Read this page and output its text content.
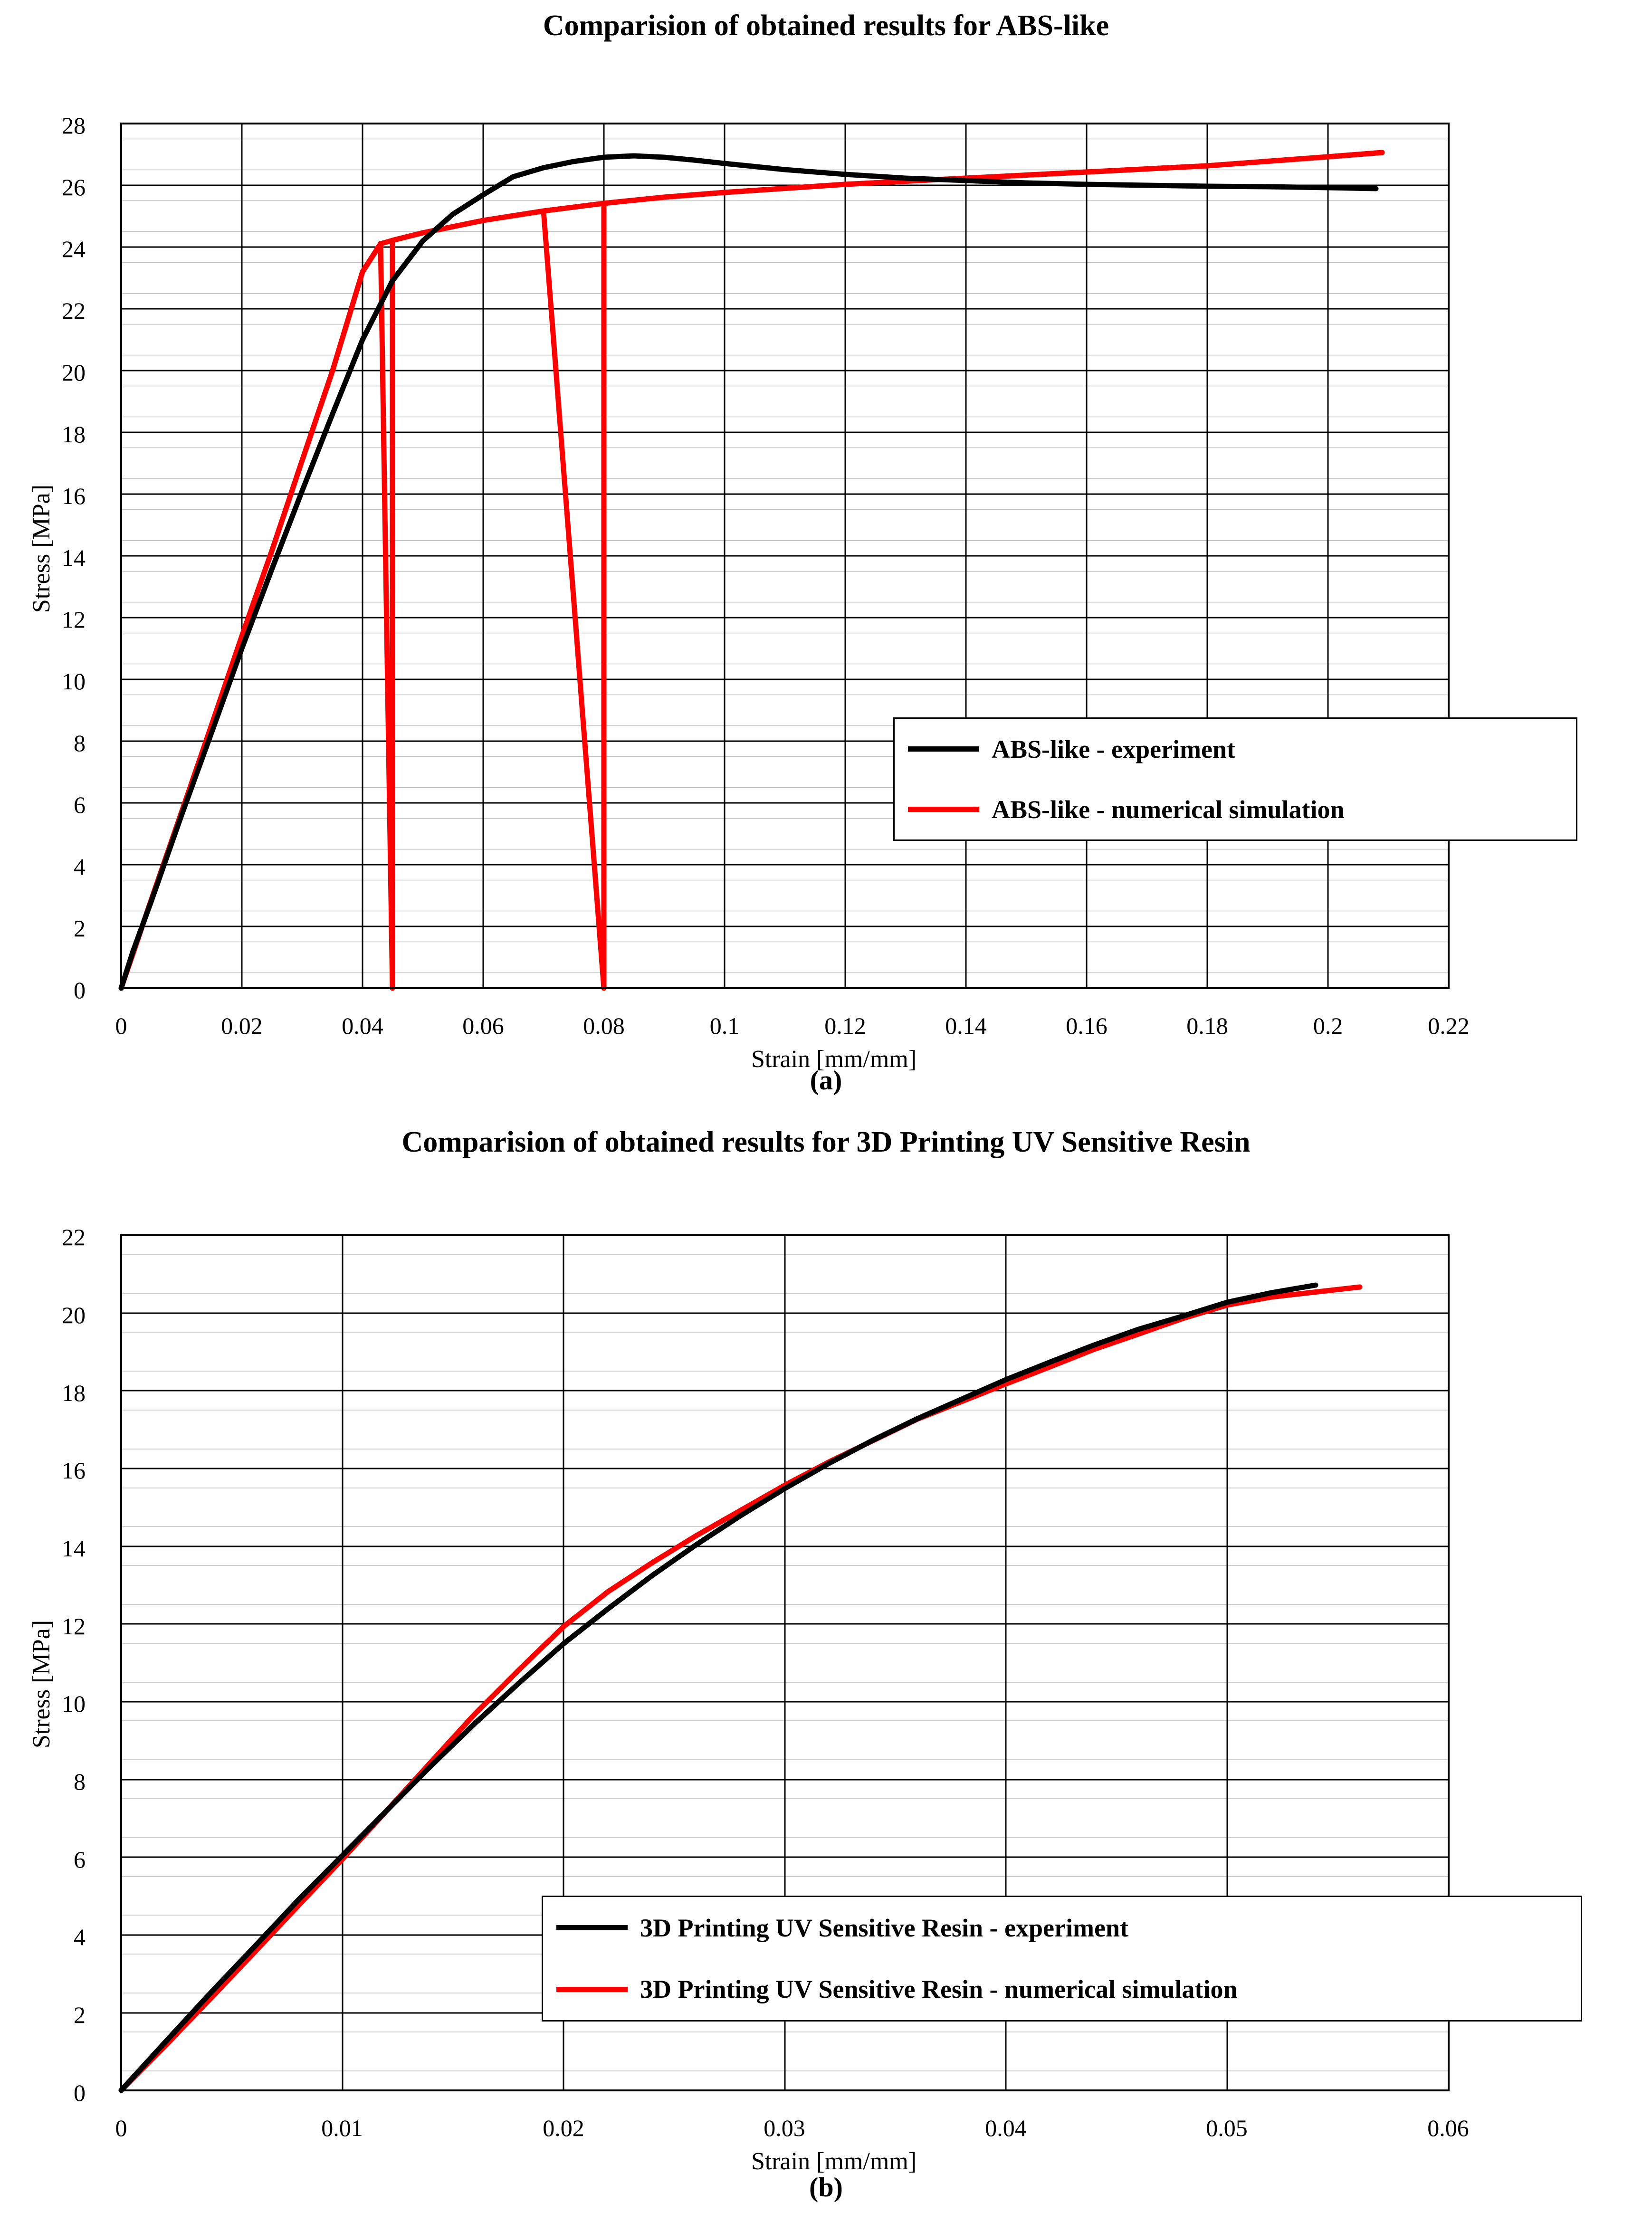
Comparision of obtained results for ABS-like
Stress [MPa]
28
26
24
22
20
18
16
14
12
10
8
6
4
2
0
0	0.02	0.04	0.06	0.08	0.1	0.12	0.14	0.16	0.18	0.2	0.22
Strain [mm/mm]
ABS-like - experiment
ABS-like - numerical simulation
(a)
Comparision of obtained results for 3D Printing UV Sensitive Resin
Stress [MPa]
22
20
18
16
14
12
10
8
6
4
2
0
0	0.01	0.02	0.03	0.04	0.05	0.06
Strain [mm/mm]
3D Printing UV Sensitive Resin - experiment
3D Printing UV Sensitive Resin - numerical simulation
(b)
